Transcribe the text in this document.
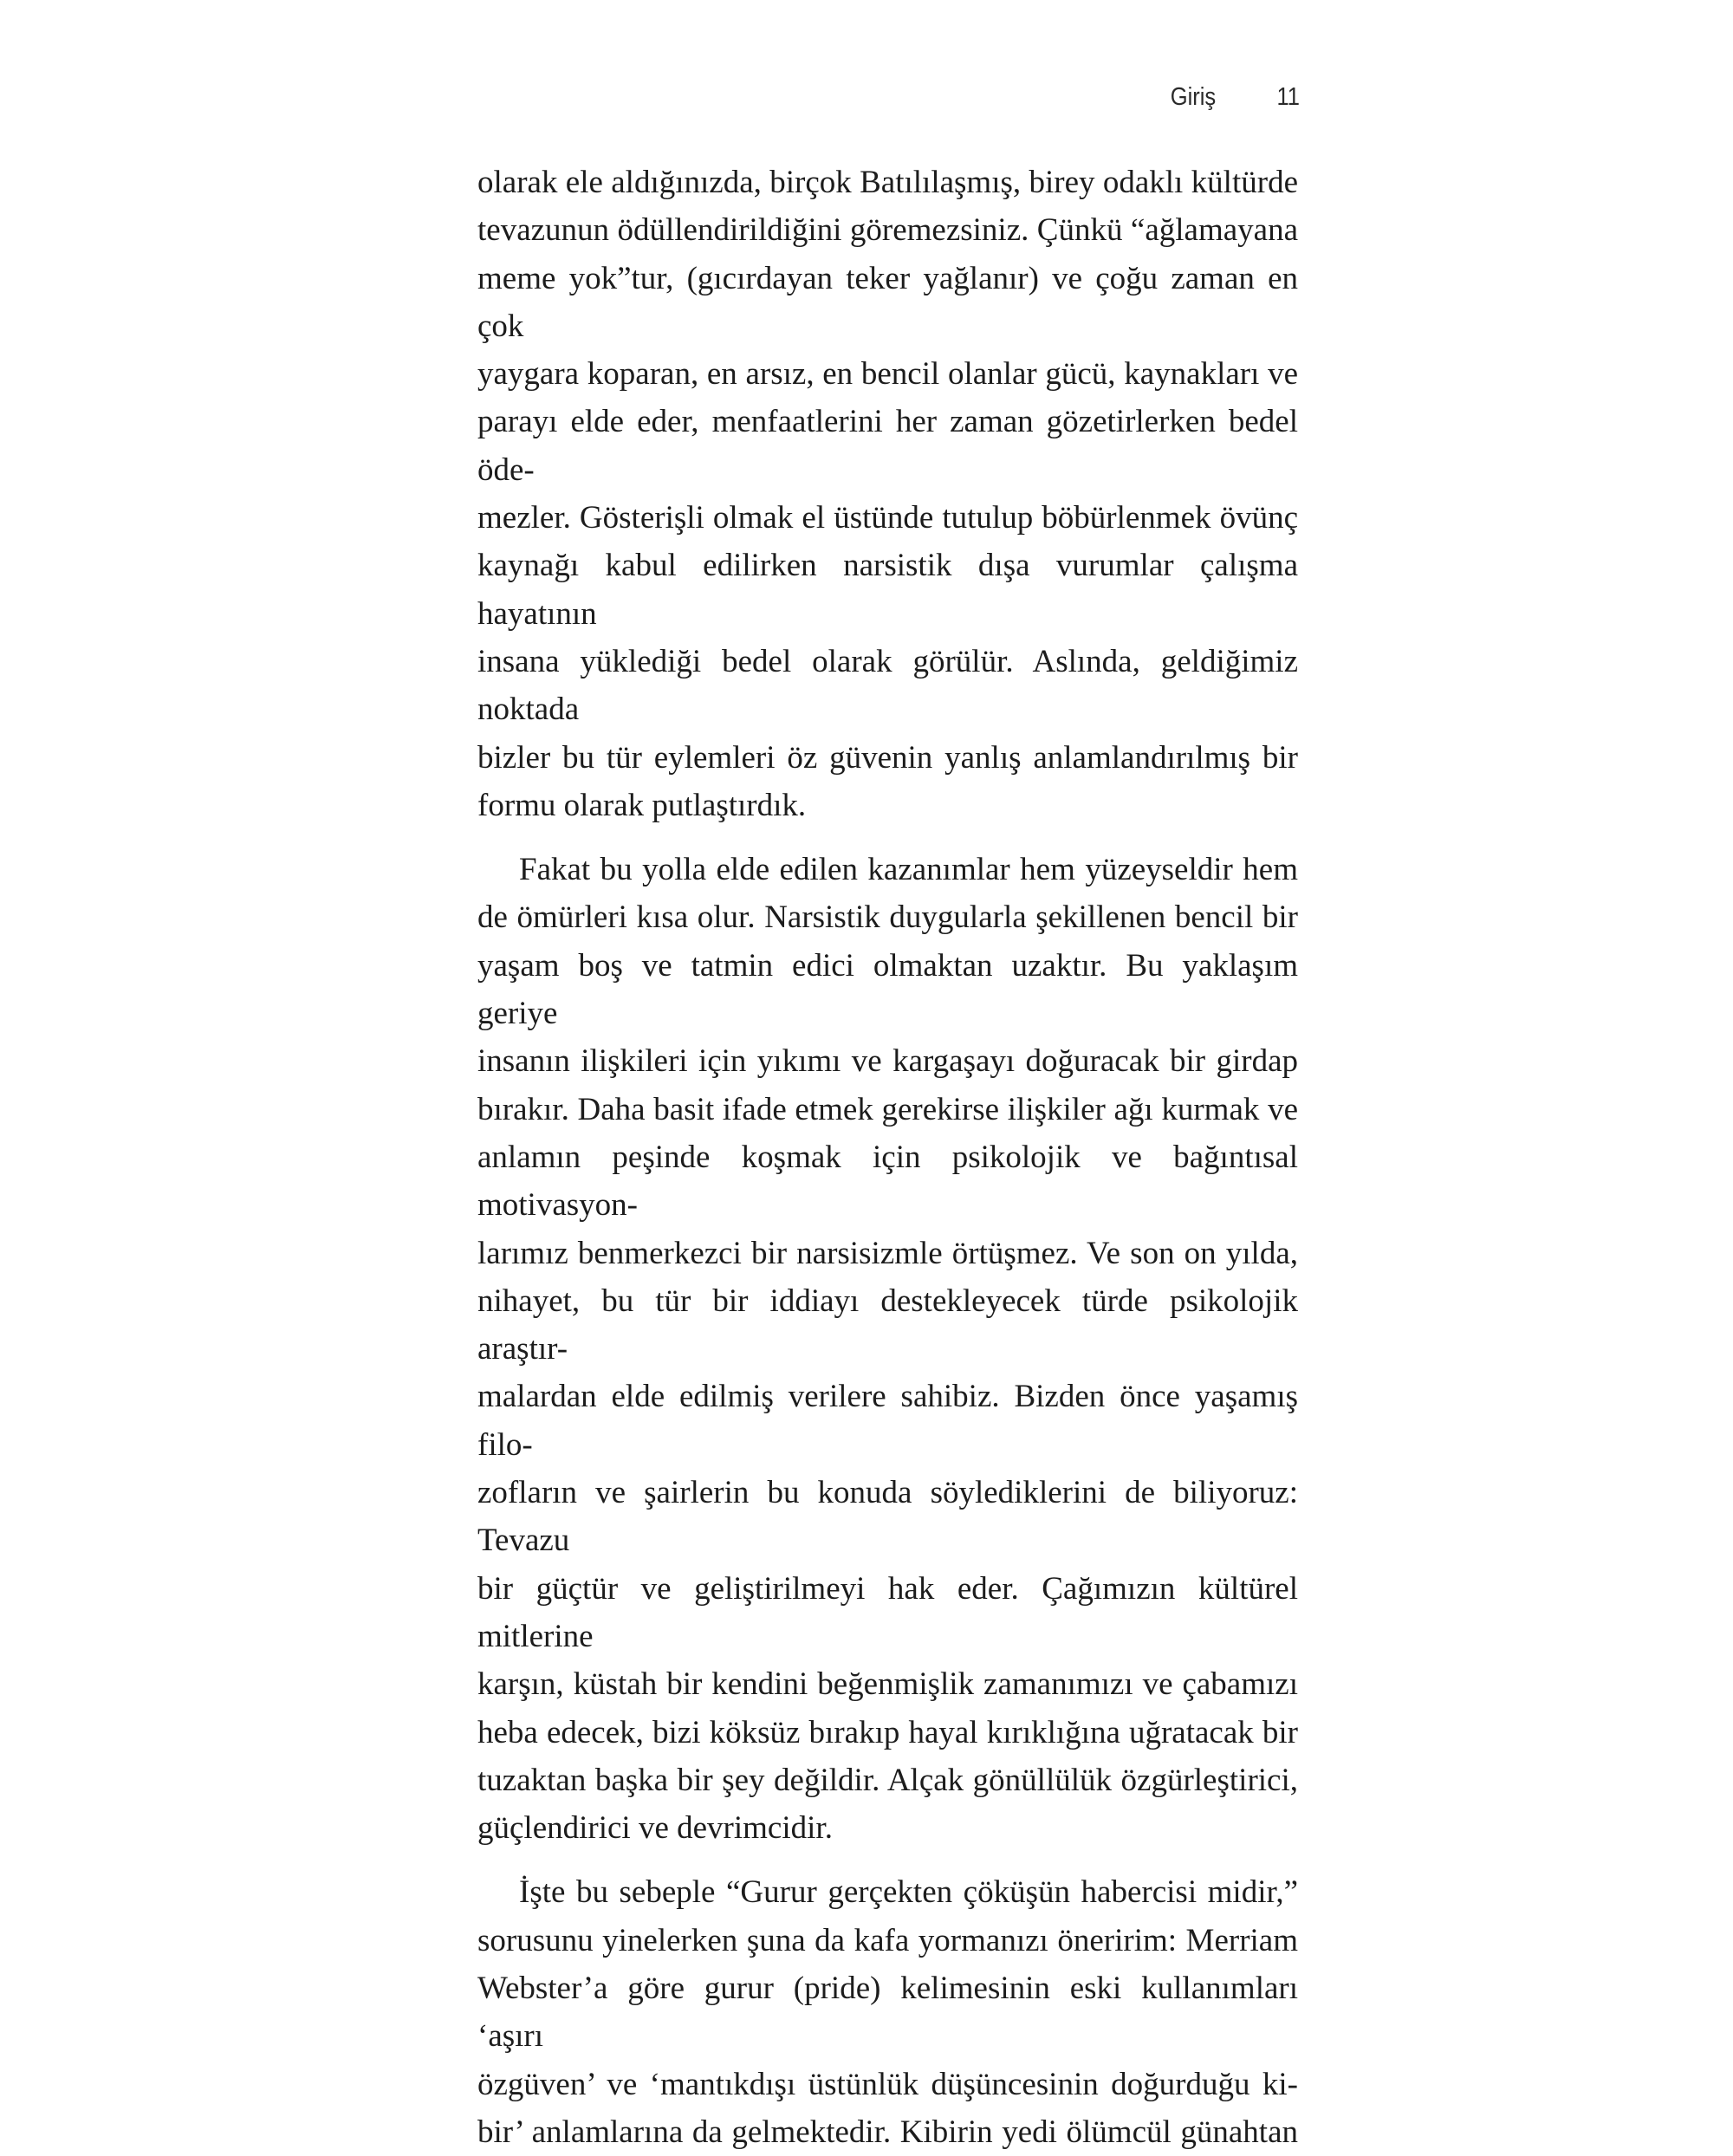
Giriş 11

olarak ele aldığınızda, birçok Batılılaşmış, birey odaklı kültürde

tevazunun ödüllendirildiğini göremezsiniz. Çünkü “ağlamayana

meme yok”tur, (gıcırdayan teker yağlanır) ve çoğu zaman en çok

yaygara koparan, en arsız, en bencil olanlar gücü, kaynakları ve

parayı elde eder, menfaatlerini her zaman gözetirlerken bedel öde-

mezler. Gösterişli olmak el üstünde tutulup böbürlenmek övünç

kaynağı kabul edilirken narsistik dışa vurumlar çalışma hayatının

insana yüklediği bedel olarak görülür. Aslında, geldiğimiz noktada

bizler bu tür eylemleri öz güvenin yanlış anlamlandırılmış bir

formu olarak putlaştırdık.

Fakat bu yolla elde edilen kazanımlar hem yüzeyseldir hem

de ömürleri kısa olur. Narsistik duygularla şekillenen bencil bir

yaşam boş ve tatmin edici olmaktan uzaktır. Bu yaklaşım geriye

insanın ilişkileri için yıkımı ve kargaşayı doğuracak bir girdap

bırakır. Daha basit ifade etmek gerekirse ilişkiler ağı kurmak ve

anlamın peşinde koşmak için psikolojik ve bağıntısal motivasyon-

larımız benmerkezci bir narsisizmle örtüşmez. Ve son on yılda,

nihayet, bu tür bir iddiayı destekleyecek türde psikolojik araştır-

malardan elde edilmiş verilere sahibiz. Bizden önce yaşamış filo-

zofların ve şairlerin bu konuda söylediklerini de biliyoruz: Tevazu

bir güçtür ve geliştirilmeyi hak eder. Çağımızın kültürel mitlerine

karşın, küstah bir kendini beğenmişlik zamanımızı ve çabamızı

heba edecek, bizi köksüz bırakıp hayal kırıklığına uğratacak bir

tuzaktan başka bir şey değildir. Alçak gönüllülük özgürleştirici,

güçlendirici ve devrimcidir.

İşte bu sebeple “Gurur gerçekten çöküşün habercisi midir,”

sorusunu yinelerken şuna da kafa yormanızı öneririm: Merriam

Webster’a göre gurur (pride) kelimesinin eski kullanımları ‘aşırı

özgüven’ ve ‘mantıkdışı üstünlük düşüncesinin doğurduğu ki-

bir’ anlamlarına da gelmektedir. Kibirin yedi ölümcül günahtan
